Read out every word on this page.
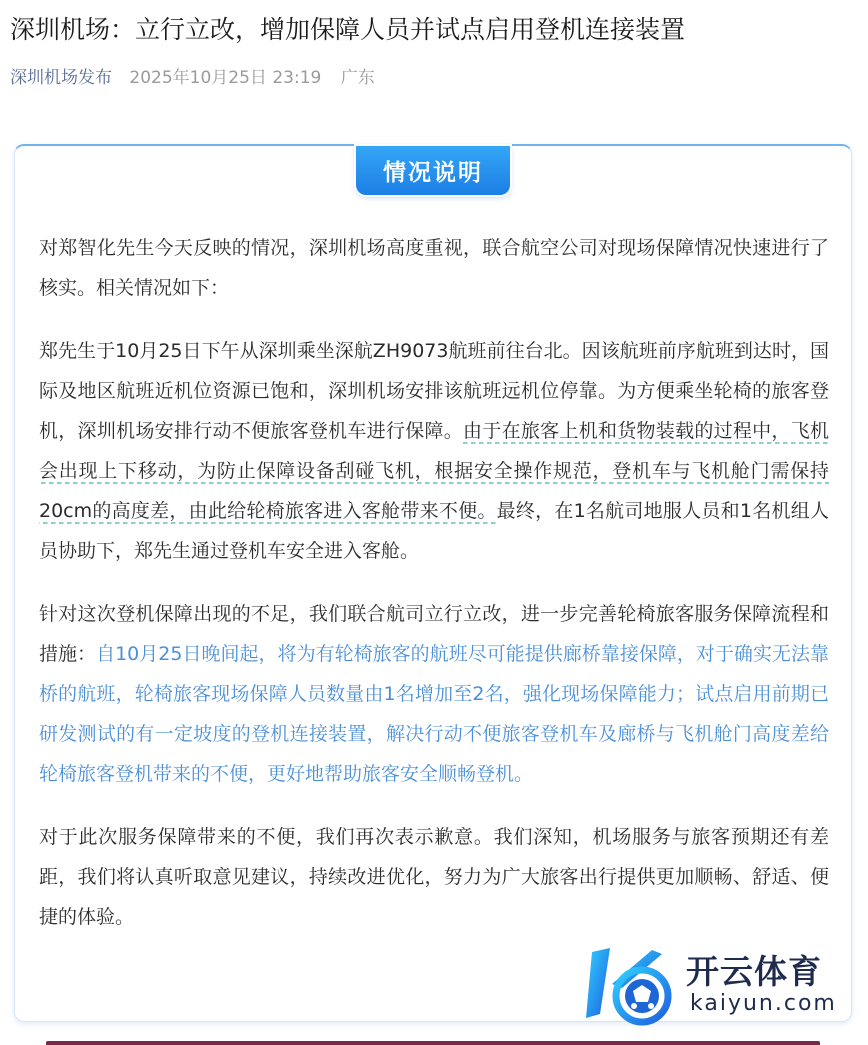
深圳机场：立行立改，增加保障人员并试点启用登机连接装置
深圳机场发布 2025年10月25日 23:19 广东
情况说明

对郑智化先生今天反映的情况，深圳机场高度重视，联合航空公司对现场保障情况快速进行了核实。相关情况如下：

郑先生于10月25日下午从深圳乘坐深航ZH9073航班前往台北。因该航班前序航班到达时，国际及地区航班近机位资源已饱和，深圳机场安排该航班远机位停靠。为方便乘坐轮椅的旅客登机，深圳机场安排行动不便旅客登机车进行保障。由于在旅客上机和货物装载的过程中，飞机会出现上下移动，为防止保障设备刮碰飞机，根据安全操作规范，登机车与飞机舱门需保持20cm的高度差，由此给轮椅旅客进入客舱带来不便。最终，在1名航司地服人员和1名机组人员协助下，郑先生通过登机车安全进入客舱。

针对这次登机保障出现的不足，我们联合航司立行立改，进一步完善轮椅旅客服务保障流程和措施：自10月25日晚间起，将为有轮椅旅客的航班尽可能提供廊桥靠接保障，对于确实无法靠桥的航班，轮椅旅客现场保障人员数量由1名增加至2名，强化现场保障能力；试点启用前期已研发测试的有一定坡度的登机连接装置，解决行动不便旅客登机车及廊桥与飞机舱门高度差给轮椅旅客登机带来的不便，更好地帮助旅客安全顺畅登机。

对于此次服务保障带来的不便，我们再次表示歉意。我们深知，机场服务与旅客预期还有差距，我们将认真听取意见建议，持续改进优化，努力为广大旅客出行提供更加顺畅、舒适、便捷的体验。

开云体育
kaiyun.com
